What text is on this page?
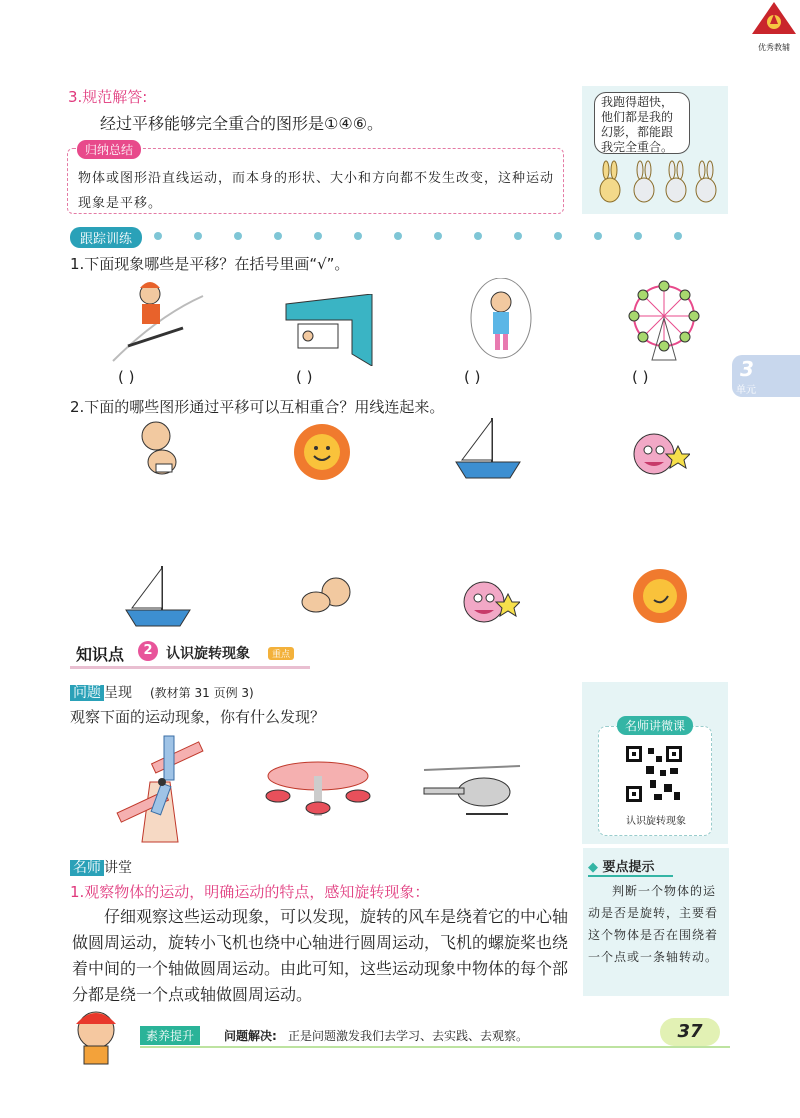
优秀教辅
3.规范解答:
经过平移能够完全重合的图形是①④⑥。
归纳总结
物体或图形沿直线运动，而本身的形状、大小和方向都不发生改变，这种运动现象是平移。
我跑得超快，他们都是我的幻影，都能跟我完全重合。
跟踪训练
1.下面现象哪些是平移？在括号里画“√”。
( )	( )	( )	( )	3
单元
2.下面的哪些图形通过平移可以互相重合？用线连起来。
知识点	2 认识旋转现象	重点
问题 呈现 (教材第 31 页例 3)
观察下面的运动现象，你有什么发现？	名师讲微课
认识旋转现象
名师 讲堂
1.观察物体的运动，明确运动的特点，感知旋转现象：
仔细观察这些运动现象，可以发现，旋转的风车是绕着它的中心轴做圆周运动，旋转小飞机也绕中心轴进行圆周运动，飞机的螺旋桨也绕着中间的一个轴做圆周运动。由此可知，这些运动现象中物体的每个部分都是绕一个点或轴做圆周运动。
◆ 要点提示
判断一个物体的运动是否是旋转，主要看这个物体是否在围绕着一个点或一条轴转动。
素养提升	问题解决: 正是问题激发我们去学习、去实践、去观察。	37
